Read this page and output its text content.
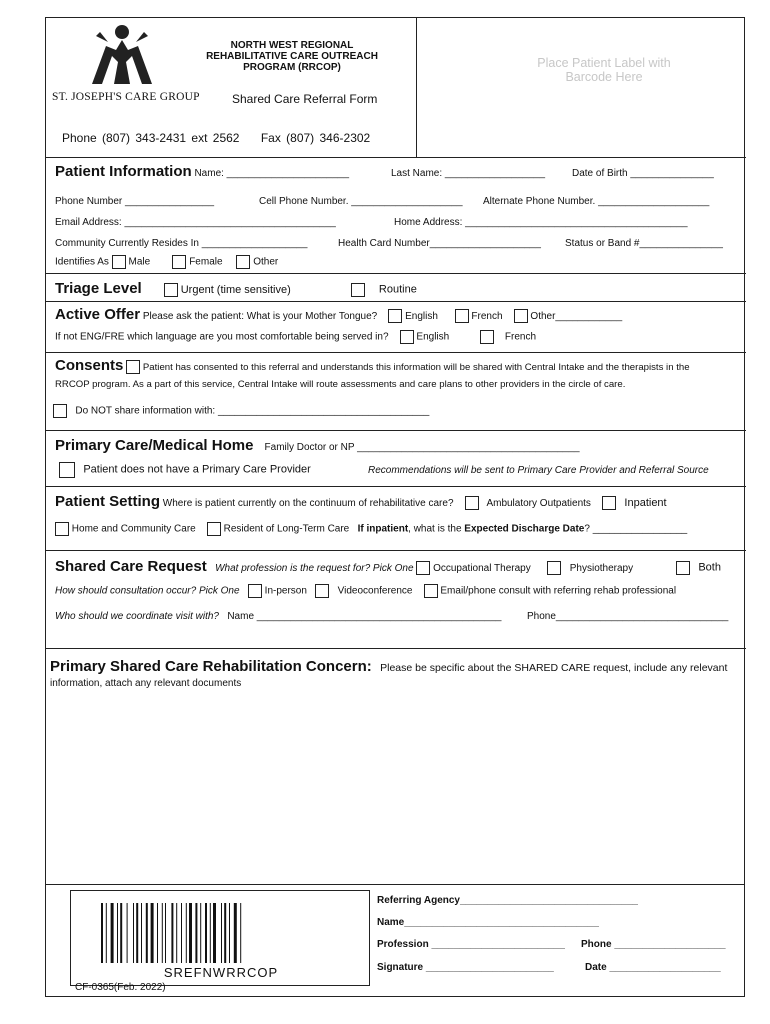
ST. JOSEPH'S CARE GROUP
NORTH WEST REGIONAL
REHABILITATIVE CARE OUTREACH
PROGRAM (RRCOP)
Shared Care Referral Form
Phone (807) 343-2431 ext 2562 Fax (807) 346-2302
Place Patient Label with
Barcode Here
Patient Information Name: ______________________	Last Name: __________________	Date of Birth _______________
Phone Number ________________	Cell Phone Number. ____________________ Alternate Phone Number. ____________________
Email Address: ______________________________________	Home Address: ________________________________________
Community Currently Resides In ___________________	Health Card Number____________________ Status or Band #_______________
Identifies As Male	Female	Other
Triage Level	Urgent (time sensitive)	Routine
Active Offer Please ask the patient: What is your Mother Tongue?	English	French	Other____________
If not ENG/FRE which language are you most comfortable being served in?	English	French
Consents Patient has consented to this referral and understands this information will be shared with Central Intake and the therapists in the
RRCOP program. As a part of this service, Central Intake will route assessments and care plans to other providers in the circle of care.
Do NOT share information with: ______________________________________
Primary Care/Medical Home Family Doctor or NP ________________________________________
Patient does not have a Primary Care Provider	Recommendations will be sent to Primary Care Provider and Referral Source
Patient Setting Where is patient currently on the continuum of rehabilitative care?	Ambulatory Outpatients	Inpatient
Home and Community Care	Resident of Long-Term Care If inpatient, what is the Expected Discharge Date? _________________
Shared Care Request What profession is the request for? Pick One Occupational Therapy	Physiotherapy	Both
How should consultation occur? Pick One	In-person	Videoconference	Email/phone consult with referring rehab professional
Who should we coordinate visit with? Name ____________________________________________	Phone_______________________________
Primary Shared Care Rehabilitation Concern: Please be specific about the SHARED CARE request, include any relevant
information, attach any relevant documents
SREFNWRRCOP
CF-0365(Feb. 2022)
Referring Agency________________________________
Name___________________________________
Profession ________________________ Phone ____________________
Signature _______________________	Date ____________________
